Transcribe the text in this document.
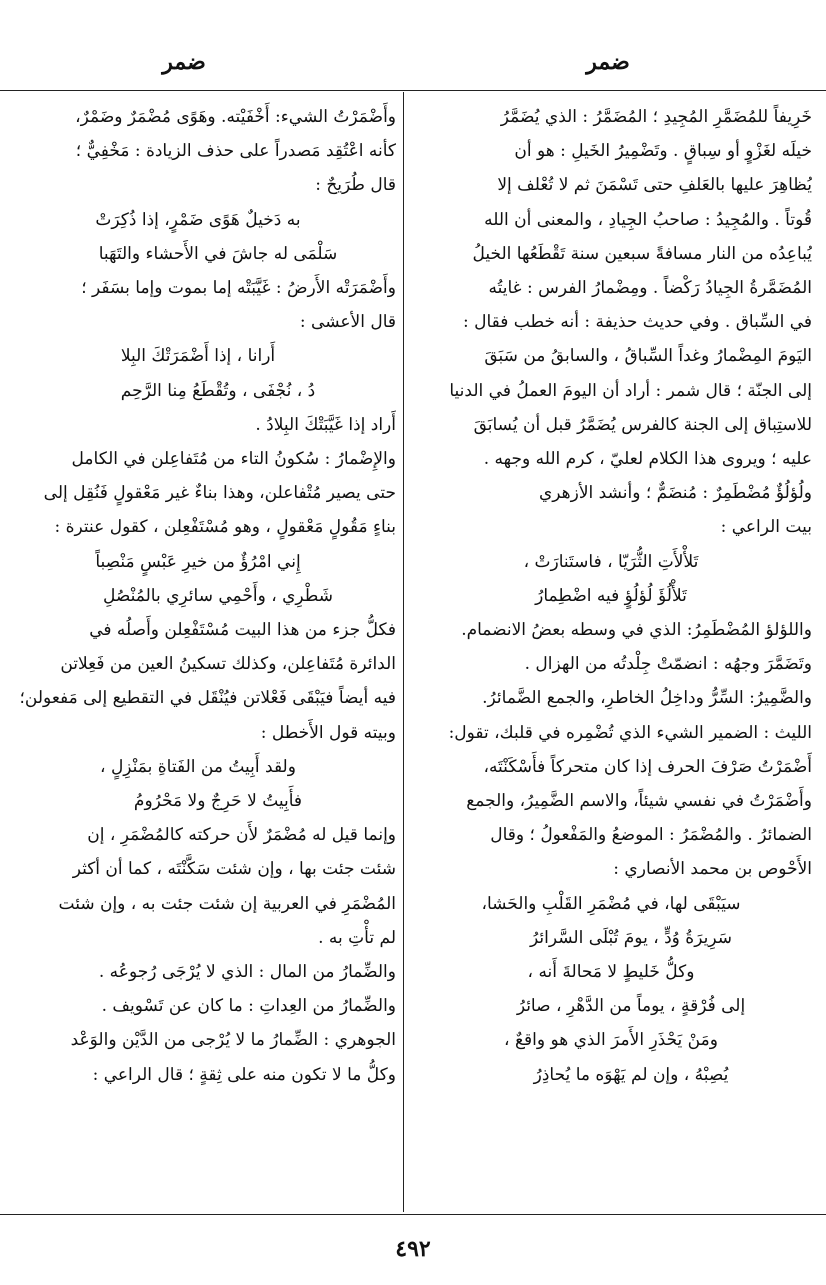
ضمر
ضمر

خَرِيفاً للمُضَمَّرِ المُجِيدِ ؛ المُضَمَّرُ : الذي يُضَمَّرُ

خيلَه لغَزْوٍ أو سِباقٍ . وتَضْمِيرُ الخَيلِ : هو أن

يُظاهِرَ عليها بالعَلفِ حتى تَسْمَنَ ثم لا تُعْلف إلا

قُوتاً . والمُجِيدُ : صاحبُ الجِيادِ ، والمعنى أن الله

يُباعِدُه من النار مسافةً سبعين سنة تَقْطَعُها الخيلُ

المُضَمَّرةُ الجِيادُ رَكْضاً . ومِضْمارُ الفرس : غايتُه

في السِّباق . وفي حديث حذيفة : أنه خطب فقال :

اليَومَ المِضْمارُ وغداً السِّباقُ ، والسابقُ من سَبَقَ

إلى الجنّة ؛ قال شمر : أراد أن اليومَ العملُ في الدنيا

للاستِباق إلى الجنة كالفرس يُضَمَّرُ قبل أن يُسابَقَ

عليه ؛ ويروى هذا الكلام لعليّ ، كرم الله وجهه .

ولُؤلُؤٌ مُضْطَمِرٌ : مُنضَمٌّ ؛ وأنشد الأزهري

بيت الراعي :

تَلأْلأَتِ الثُّرَيّا ، فاستَنارَتْ ،

تَلأْلُؤَ لُؤلُؤٍ فيه اضْطِمارُ

واللؤلؤ المُضْطَمِرُ: الذي في وسطه بعضُ الانضمام.

وتَضَمَّرَ وجهُه : انضمّتْ جِلْدتُه من الهزال .

والضَّمِيرُ: السِّرُّ وداخِلُ الخاطرِ، والجمع الضَّمائرُ.

الليث : الضمير الشيء الذي تُضْمِره في قلبك، تقول:

أَضْمَرْتُ صَرْفَ الحرف إذا كان متحركاً فأَسْكَنْتَه،

وأَضْمَرْتُ في نفسي شيئاً، والاسم الضَّمِيرُ، والجمع

الضمائرُ . والمُضْمَرُ : الموضعُ والمَفْعولُ ؛ وقال

الأَحْوص بن محمد الأنصاري :

سيَبْقَى لها، في مُضْمَرِ القَلْبِ والحَشا،

سَرِيرَةُ وُدٍّ ، يومَ تُبْلَى السَّرائرُ

وكلُّ خَليطٍ لا مَحالةَ أَنه ،

إلى فُرْقةٍ ، يوماً من الدَّهْرِ ، صائرُ

ومَنْ يَحْذَرِ الأَمرَ الذي هو واقعٌ ،

يُصِبْهُ ، وإن لم يَهْوَه ما يُحاذِرُ

وأَضْمَرْتُ الشيء: أَخْفَيْته. وهَوًى مُضْمَرٌ وضَمْرٌ،

كأنه اعْتُقِد مَصدراً على حذف الزيادة : مَخْفِيٌّ ؛

قال طُرَيحٌ :

به دَخيلٌ هَوًى ضَمْرٍ، إذا ذُكِرَتْ

سَلْمَى له جاشَ في الأَحشاء والتَهَبا

وأَضْمَرَتْه الأَرضُ : غَيَّبَتْه إما بموت وإما بسَفَر ؛

قال الأعشى :

أَرانا ، إذا أَضْمَرَتْكَ البِلا

دُ ، نُجْفَى ، وتُقْطَعُ مِنا الرَّحِم

أَراد إذا غَيَّبَتْكَ البِلادُ .

والإِضْمارُ : سُكونُ التاء من مُتَفاعِلن في الكامل

حتى يصير مُتْفاعلن، وهذا بناءٌ غير مَعْقولٍ فَنُقِل إلى

بناءٍ مَقُولٍ مَعْقولٍ ، وهو مُسْتَفْعِلن ، كقول عنترة :

إِني امْرُؤٌ من خيرِ عَبْسٍ مَنْصِباً

شَطْرِي ، وأَحْمِي سائرِي بالمُنْصُلِ

فكلُّ جزء من هذا البيت مُسْتَفْعِلن وأَصلُه في

الدائرة مُتَفاعِلن، وكذلك تسكينُ العين من فَعِلاتن

فيه أيضاً فيَبْقَى فَعْلاتن فيُنْقَل في التقطيع إلى مَفعولن؛

وبيته قول الأَخطل :

ولقد أَبِيتُ من الفَتاةِ بمَنْزِلٍ ،

فأَبِيتُ لا حَرِجٌ ولا مَحْرُومُ

وإنما قيل له مُضْمَرٌ لأَن حركته كالمُضْمَرِ ، إن

شئت جئت بها ، وإن شئت سَكَّنْتَه ، كما أن أكثر

المُضْمَرِ في العربية إن شئت جئت به ، وإن شئت

لم تأْتِ به .

والضِّمارُ من المال : الذي لا يُرْجَى رُجوعُه .

والضِّمارُ من العِداتِ : ما كان عن تَسْويف .

الجوهري : الضِّمارُ ما لا يُرْجى من الدَّيْن والوَعْد

وكلُّ ما لا تكون منه على ثِقةٍ ؛ قال الراعي :

٤٩٢
